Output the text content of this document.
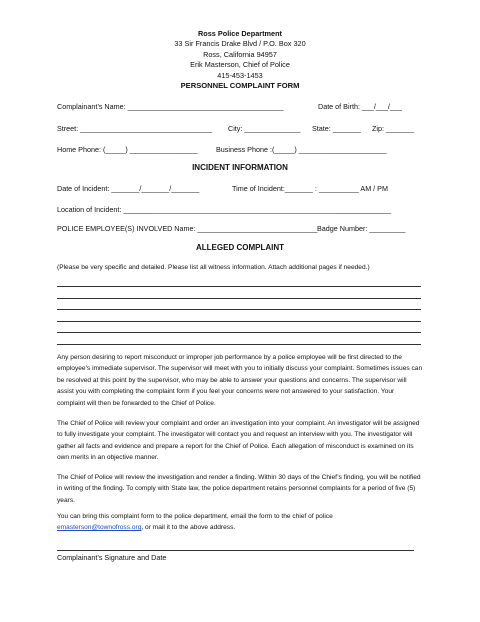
Ross Police Department
33 Sir Francis Drake Blvd / P.O. Box 320
Ross, California 94957
Erik Masterson, Chief of Police
415-453-1453
PERSONNEL COMPLAINT FORM
Complainant’s Name: _______________________________________	Date of Birth: ___/___/___
Street: _________________________________ City: ______________ State: _______ Zip: _______
Home Phone: (_____) _________________	Business Phone :(_____) ______________________
INCIDENT INFORMATION
Date of Incident: _______/_______/_______	Time of Incident:_______ : __________ AM / PM
Location of Incident: ___________________________________________________________________
POLICE EMPLOYEE(S) INVOLVED Name: ______________________________ Badge Number: _________
ALLEGED COMPLAINT
(Please be very specific and detailed. Please list all witness information. Attach additional pages if needed.)
Any person desiring to report misconduct or improper job performance by a police employee will be first directed to the employee’s immediate supervisor. The supervisor will meet with you to initially discuss your complaint. Sometimes issues can be resolved at this point by the supervisor, who may be able to answer your questions and concerns. The supervisor will assist you with completing the complaint form if you feel your concerns were not answered to your satisfaction. Your complaint will then be forwarded to the Chief of Police.
The Chief of Police will review your complaint and order an investigation into your complaint. An investigator will be assigned to fully investigate your complaint. The investigator will contact you and request an interview with you. The investigator will gather all facts and evidence and prepare a report for the Chief of Police. Each allegation of misconduct is examined on its own merits in an objective manner.
The Chief of Police will review the investigation and render a finding. Within 30 days of the Chief’s finding, you will be notified in writing of the finding. To comply with State law, the police department retains personnel complaints for a period of five (5) years.
You can bring this complaint form to the police department, email the form to the chief of police
emasterson@townofross.org, or mail it to the above address.
Complainant’s Signature and Date
